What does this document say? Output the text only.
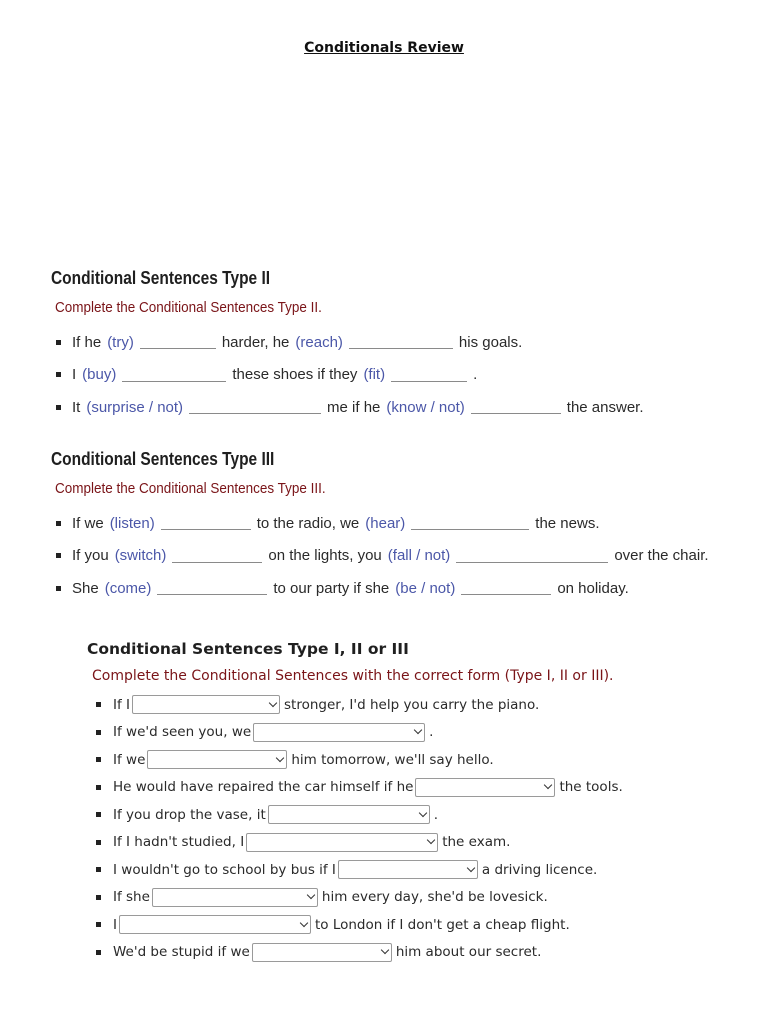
Conditionals Review
Conditional Sentences Type II
Complete the Conditional Sentences Type II.
If he (try)	harder, he (reach)	his goals.
I (buy)	these shoes if they (fit)	.
It (surprise / not)	me if he (know / not)	the answer.
Conditional Sentences Type III
Complete the Conditional Sentences Type III.
If we (listen)	to the radio, we (hear)	the news.
If you (switch)	on the lights, you (fall / not)	over the chair.
She (come)	to our party if she (be / not)	on holiday.
Conditional Sentences Type I, II or III
Complete the Conditional Sentences with the correct form (Type I, II or III).
If I	stronger, I'd help you carry the piano.
If we'd seen you, we	.
If we	him tomorrow, we'll say hello.
He would have repaired the car himself if he	the tools.
If you drop the vase, it	.
If I hadn't studied, I	the exam.
I wouldn't go to school by bus if I	a driving licence.
If she	him every day, she'd be lovesick.
I	to London if I don't get a cheap flight.
We'd be stupid if we	him about our secret.
